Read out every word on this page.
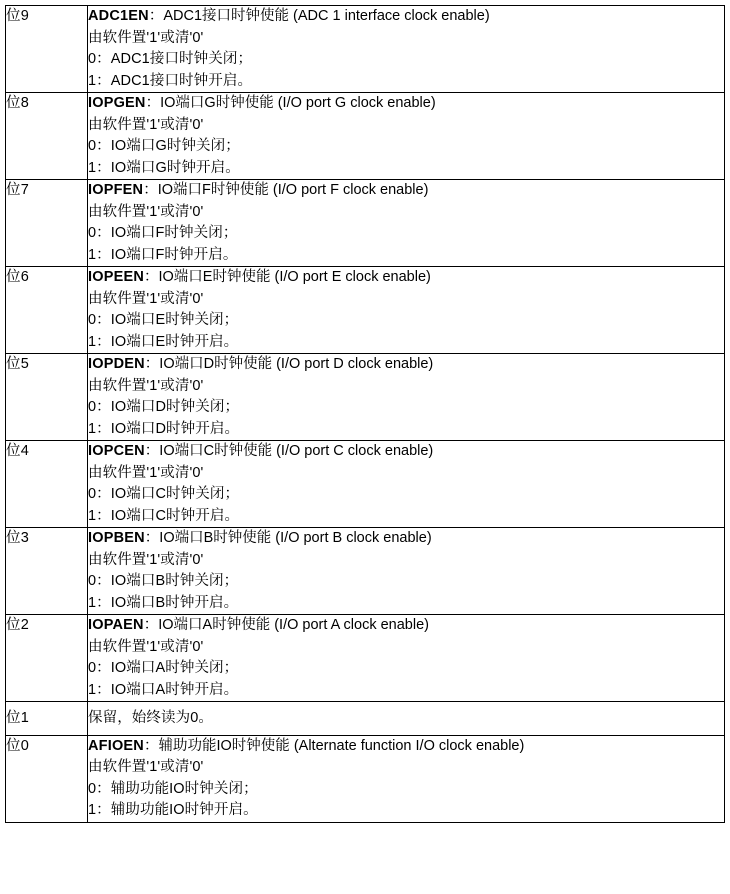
位9	ADC1EN：ADC1接口时钟使能 (ADC 1 interface clock enable)
由软件置'1'或清'0'
0：ADC1接口时钟关闭；
1：ADC1接口时钟开启。

位8	IOPGEN：IO端口G时钟使能 (I/O port G clock enable)
由软件置'1'或清'0'
0：IO端口G时钟关闭；
1：IO端口G时钟开启。

位7	IOPFEN：IO端口F时钟使能 (I/O port F clock enable)
由软件置'1'或清'0'
0：IO端口F时钟关闭；
1：IO端口F时钟开启。

位6	IOPEEN：IO端口E时钟使能 (I/O port E clock enable)
由软件置'1'或清'0'
0：IO端口E时钟关闭；
1：IO端口E时钟开启。

位5	IOPDEN：IO端口D时钟使能 (I/O port D clock enable)
由软件置'1'或清'0'
0：IO端口D时钟关闭；
1：IO端口D时钟开启。

位4	IOPCEN：IO端口C时钟使能 (I/O port C clock enable)
由软件置'1'或清'0'
0：IO端口C时钟关闭；
1：IO端口C时钟开启。

位3	IOPBEN：IO端口B时钟使能 (I/O port B clock enable)
由软件置'1'或清'0'
0：IO端口B时钟关闭；
1：IO端口B时钟开启。

位2	IOPAEN：IO端口A时钟使能 (I/O port A clock enable)
由软件置'1'或清'0'
0：IO端口A时钟关闭；
1：IO端口A时钟开启。

位1	保留，始终读为0。

位0	AFIOEN：辅助功能IO时钟使能 (Alternate function I/O clock enable)
由软件置'1'或清'0'
0：辅助功能IO时钟关闭；
1：辅助功能IO时钟开启。
